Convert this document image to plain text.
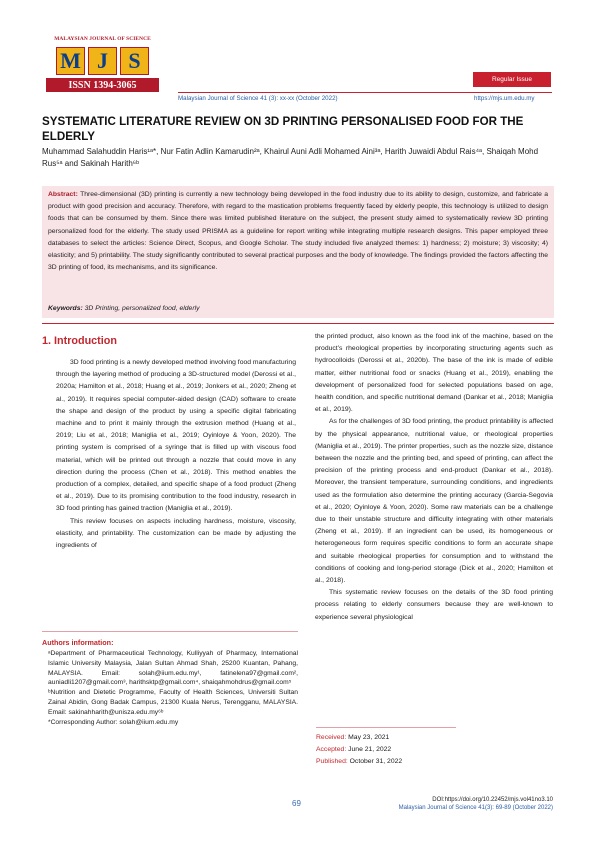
MALAYSIAN JOURNAL OF SCIENCE
M J S
ISSN 1394-3065	Regular Issue
Malaysian Journal of Science 41 (3): xx-xx (October 2022)	https://mjs.um.edu.my
SYSTEMATIC LITERATURE REVIEW ON 3D PRINTING PERSONALISED FOOD FOR THE ELDERLY
Muhammad Salahuddin Haris¹ᵃ*, Nur Fatin Adlin Kamarudin²ᵃ, Khairul Auni Adli Mohamed Aini³ᵃ, Harith Juwaidi Abdul Rais⁴ᵃ, Shaiqah Mohd Rus⁵ᵃ and Sakinah Harith⁶ᵇ
Abstract: Three-dimensional (3D) printing is currently a new technology being developed in the food industry due to its ability to design, customize, and fabricate a product with good precision and accuracy. Therefore, with regard to the mastication problems frequently faced by elderly people, this technology is utilized to design foods that can be consumed by them. Since there was limited published literature on the subject, the present study aimed to systematically review 3D printing personalized food for the elderly. The study used PRISMA as a guideline for report writing while integrating multiple research designs. This paper employed three databases to select the articles: Science Direct, Scopus, and Google Scholar. The study included five analyzed themes: 1) hardness; 2) moisture; 3) viscosity; 4) elasticity; and 5) printability. The study significantly contributed to several practical purposes and the body of knowledge. The findings provided the factors affecting the 3D printing of food, its mechanisms, and its significance.
Keywords: 3D Printing, personalized food, elderly
1. Introduction

3D food printing is a newly developed method involving food manufacturing through the layering method of producing a 3D-structured model (Derossi et al., 2020a; Hamilton et al., 2018; Huang et al., 2019; Jonkers et al., 2020; Zheng et al., 2019). It requires special computer-aided design (CAD) software to create the shape and design of the product by using a specific digital fabricating machine and to print it mainly through the extrusion method (Huang et al., 2019; Liu et al., 2018; Maniglia et al., 2019; Oyinloye & Yoon, 2020). The printing system is comprised of a syringe that is filled up with viscous food material, which will be printed out through a nozzle that could move in any direction during the process (Chen et al., 2018). This method enables the production of a complex, detailed, and specific shape of a food product (Zheng et al., 2019). Due to its promising contribution to the food industry, research in 3D food printing has gained traction (Maniglia et al., 2019).

This review focuses on aspects including hardness, moisture, viscosity, elasticity, and printability. The customization can be made by adjusting the ingredients of

the printed product, also known as the food ink of the machine, based on the product’s rheological properties by incorporating structuring agents such as hydrocolloids (Derossi et al., 2020b). The base of the ink is made of edible matter, either nutritional food or snacks (Huang et al., 2019), enabling the development of personalized food for selected populations based on age, health condition, and specific nutritional demand (Dankar et al., 2018; Maniglia et al., 2019).

As for the challenges of 3D food printing, the product printability is affected by the physical appearance, nutritional value, or rheological properties (Maniglia et al., 2019). The printer properties, such as the nozzle size, distance between the nozzle and the printing bed, and speed of printing, can affect the precision of the printing process and end-product (Dankar et al., 2018). Moreover, the transient temperature, surrounding conditions, and ingredients used as the formulation also determine the printing accuracy (Garcia-Segovia et al., 2020; Oyinloye & Yoon, 2020). Some raw materials can be a challenge due to their unstable structure and difficulty integrating with other materials (Zheng et al., 2019). If an ingredient can be used, its homogeneous or heterogeneous form requires specific conditions to form an accurate shape and suitable rheological properties for consumption and to withstand the conditions of cooking and long-period storage (Dick et al., 2020; Hamilton et al., 2018).

This systematic review focuses on the details of the 3D food printing process relating to elderly consumers because they are well-known to experience several physiological

Authors information:
ᵃDepartment of Pharmaceutical Technology, Kulliyyah of Pharmacy, International Islamic University Malaysia, Jalan Sultan Ahmad Shah, 25200 Kuantan, Pahang, MALAYSIA. Email: solah@iium.edu.my¹, fatinelena97@gmail.com², auniadli1207@gmail.com³, harithsktp@gmail.com⁴, shaiqahmohdrus@gmail.com⁵
ᵇNutrition and Dietetic Programme, Faculty of Health Sciences, Universiti Sultan Zainal Abidin, Gong Badak Campus, 21300 Kuala Nerus, Terengganu, MALAYSIA. Email: sakinahharith@unisza.edu.my⁶ᵇ
*Corresponding Author: solah@iium.edu.my
Received: May 23, 2021
Accepted: June 21, 2022
Published: October 31, 2022
69	DOI:https://doi.org/10.22452/mjs.vol41no3.10
Malaysian Journal of Science 41(3): 69-89 (October 2022)
